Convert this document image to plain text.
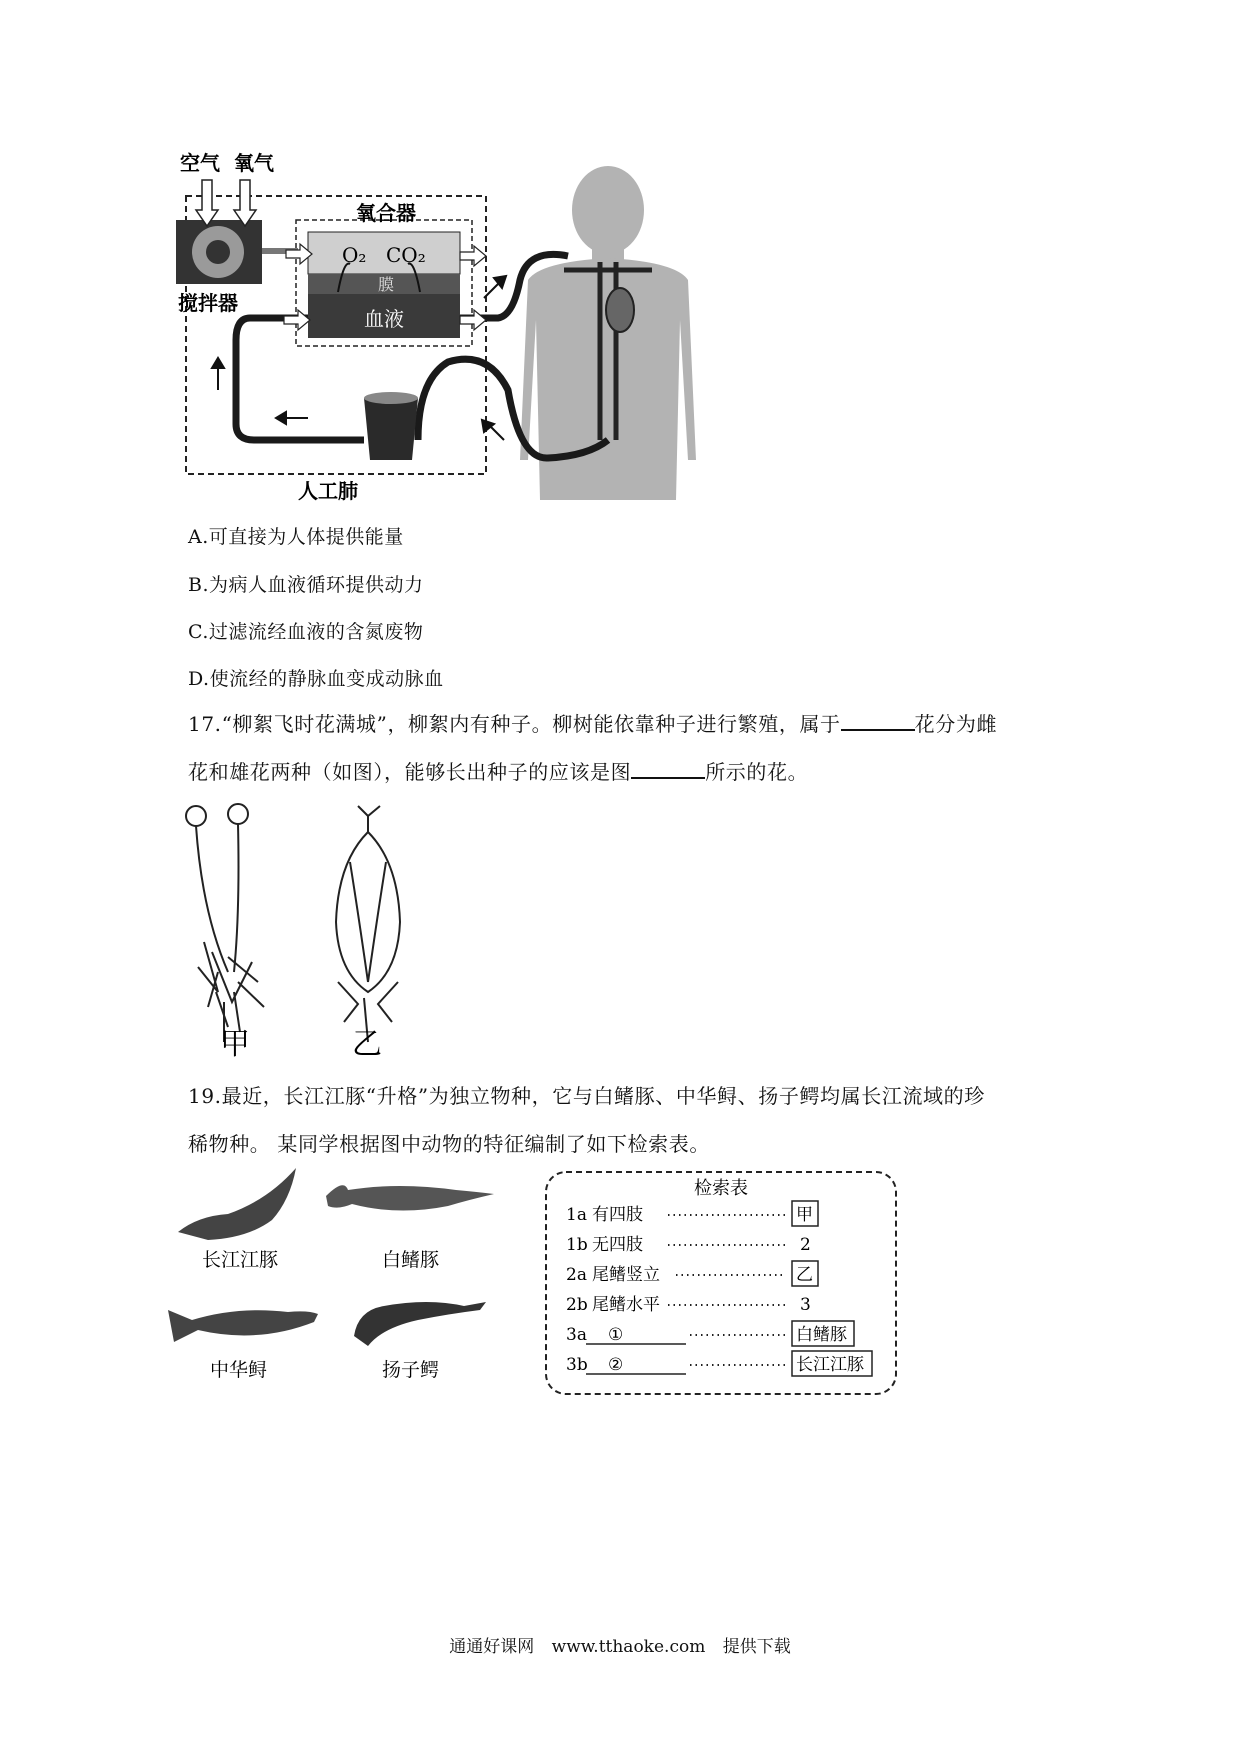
空气 氧气
搅拌器
氧合器
O₂ CO₂
膜
血液
人工肺
A.可直接为人体提供能量
B.为病人血液循环提供动力
C.过滤流经血液的含氮废物
D.使流经的静脉血变成动脉血
17.“柳絮飞时花满城”，柳絮内有种子。柳树能依靠种子进行繁殖，属于	花分为雌
花和雄花两种（如图），能够长出种子的应该是图	所示的花。
甲	乙
19.最近，长江江豚“升格”为独立物种，它与白鳍豚、中华鲟、扬子鳄均属长江流域的珍
稀物种。 某同学根据图中动物的特征编制了如下检索表。
长江江豚	白鳍豚
中华鲟	扬子鳄
检索表
1a 有四肢	甲
1b 无四肢	2
2a 尾鳍竖立	乙
2b 尾鳍水平	3
3a ①	白鳍豚
3b ②	长江江豚
通通好课网 www.tthaoke.com 提供下载
